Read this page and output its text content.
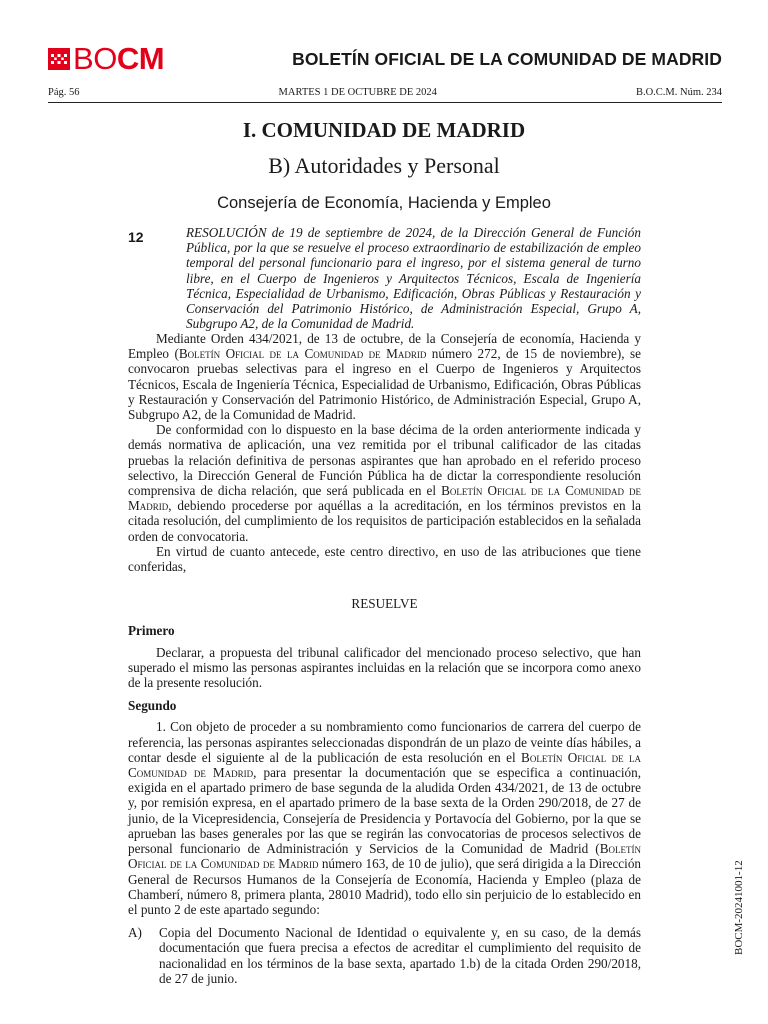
BOCM	BOLETÍN OFICIAL DE LA COMUNIDAD DE MADRID
Pág. 56	MARTES 1 DE OCTUBRE DE 2024	B.O.C.M. Núm. 234
I. COMUNIDAD DE MADRID
B) Autoridades y Personal
Consejería de Economía, Hacienda y Empleo
12	RESOLUCIÓN de 19 de septiembre de 2024, de la Dirección General de Función Pública, por la que se resuelve el proceso extraordinario de estabilización de empleo temporal del personal funcionario para el ingreso, por el sistema general de turno libre, en el Cuerpo de Ingenieros y Arquitectos Técnicos, Escala de Ingeniería Técnica, Especialidad de Urbanismo, Edificación, Obras Públicas y Restauración y Conservación del Patrimonio Histórico, de Administración Especial, Grupo A, Subgrupo A2, de la Comunidad de Madrid.

Mediante Orden 434/2021, de 13 de octubre, de la Consejería de economía, Hacienda y Empleo (Boletín Oficial de la Comunidad de Madrid número 272, de 15 de noviembre), se convocaron pruebas selectivas para el ingreso en el Cuerpo de Ingenieros y Arquitectos Técnicos, Escala de Ingeniería Técnica, Especialidad de Urbanismo, Edificación, Obras Públicas y Restauración y Conservación del Patrimonio Histórico, de Administración Especial, Grupo A, Subgrupo A2, de la Comunidad de Madrid.

De conformidad con lo dispuesto en la base décima de la orden anteriormente indicada y demás normativa de aplicación, una vez remitida por el tribunal calificador de las citadas pruebas la relación definitiva de personas aspirantes que han aprobado en el referido proceso selectivo, la Dirección General de Función Pública ha de dictar la correspondiente resolución comprensiva de dicha relación, que será publicada en el Boletín Oficial de la Comunidad de Madrid, debiendo procederse por aquéllas a la acreditación, en los términos previstos en la citada resolución, del cumplimiento de los requisitos de participación establecidos en la señalada orden de convocatoria.

En virtud de cuanto antecede, este centro directivo, en uso de las atribuciones que tiene conferidas,

RESUELVE

Primero

Declarar, a propuesta del tribunal calificador del mencionado proceso selectivo, que han superado el mismo las personas aspirantes incluidas en la relación que se incorpora como anexo de la presente resolución.

Segundo

1. Con objeto de proceder a su nombramiento como funcionarios de carrera del cuerpo de referencia, las personas aspirantes seleccionadas dispondrán de un plazo de veinte días hábiles, a contar desde el siguiente al de la publicación de esta resolución en el Boletín Oficial de la Comunidad de Madrid, para presentar la documentación que se especifica a continuación, exigida en el apartado primero de base segunda de la aludida Orden 434/2021, de 13 de octubre y, por remisión expresa, en el apartado primero de la base sexta de la Orden 290/2018, de 27 de junio, de la Vicepresidencia, Consejería de Presidencia y Portavocía del Gobierno, por la que se aprueban las bases generales por las que se regirán las convocatorias de procesos selectivos de personal funcionario de Administración y Servicios de la Comunidad de Madrid (Boletín Oficial de la Comunidad de Madrid número 163, de 10 de julio), que será dirigida a la Dirección General de Recursos Humanos de la Consejería de Economía, Hacienda y Empleo (plaza de Chamberí, número 8, primera planta, 28010 Madrid), todo ello sin perjuicio de lo establecido en el punto 2 de este apartado segundo:

A) Copia del Documento Nacional de Identidad o equivalente y, en su caso, de la demás documentación que fuera precisa a efectos de acreditar el cumplimiento del requisito de nacionalidad en los términos de la base sexta, apartado 1.b) de la citada Orden 290/2018, de 27 de junio.
BOCM-20241001-12
